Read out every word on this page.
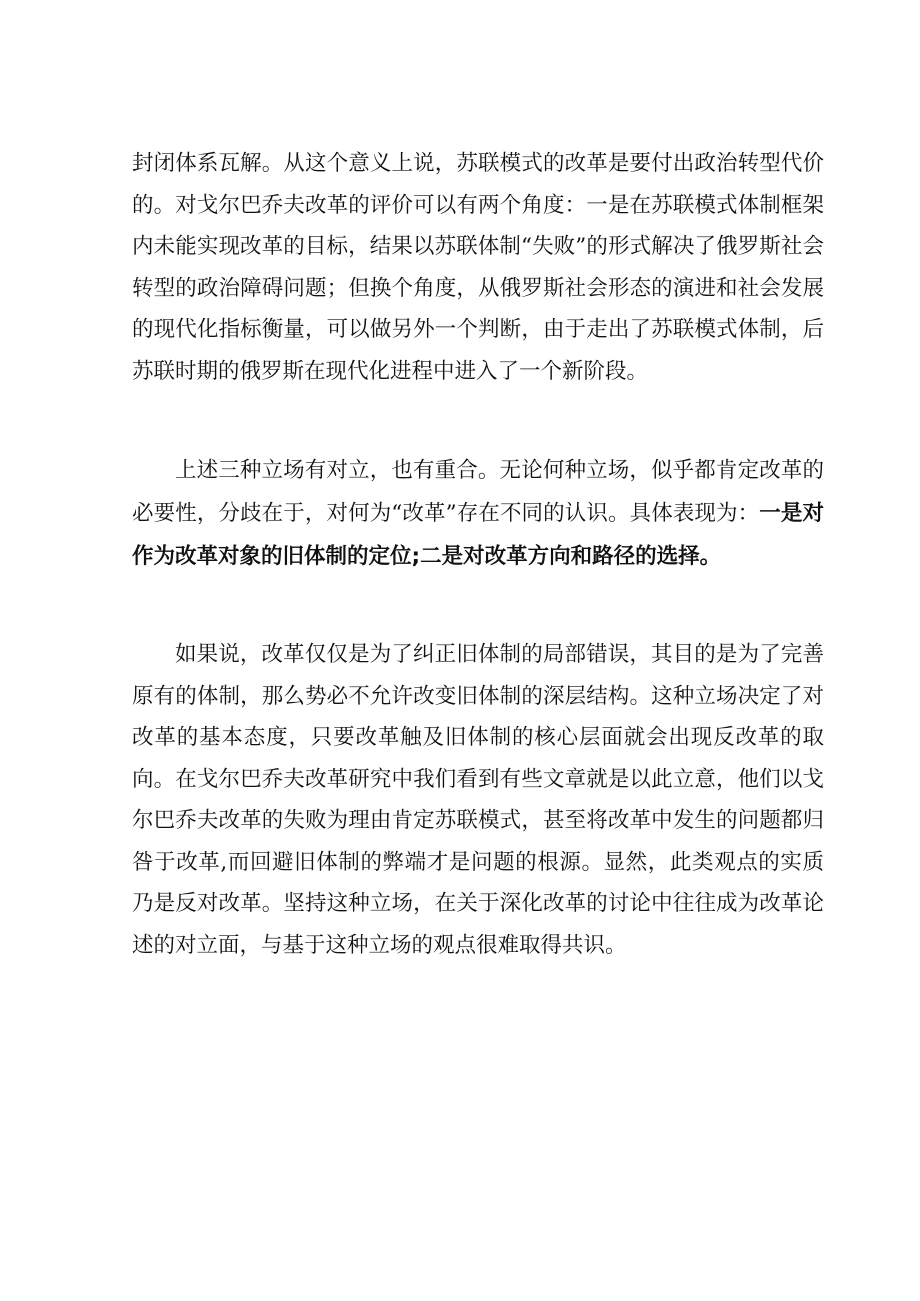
封闭体系瓦解。从这个意义上说，苏联模式的改革是要付出政治转型代价的。对戈尔巴乔夫改革的评价可以有两个角度：一是在苏联模式体制框架内未能实现改革的目标，结果以苏联体制“失败”的形式解决了俄罗斯社会转型的政治障碍问题；但换个角度，从俄罗斯社会形态的演进和社会发展的现代化指标衡量，可以做另外一个判断，由于走出了苏联模式体制，后苏联时期的俄罗斯在现代化进程中进入了一个新阶段。

上述三种立场有对立，也有重合。无论何种立场，似乎都肯定改革的必要性，分歧在于，对何为“改革”存在不同的认识。具体表现为：一是对作为改革对象的旧体制的定位;二是对改革方向和路径的选择。

如果说，改革仅仅是为了纠正旧体制的局部错误，其目的是为了完善原有的体制，那么势必不允许改变旧体制的深层结构。这种立场决定了对改革的基本态度，只要改革触及旧体制的核心层面就会出现反改革的取向。在戈尔巴乔夫改革研究中我们看到有些文章就是以此立意，他们以戈尔巴乔夫改革的失败为理由肯定苏联模式，甚至将改革中发生的问题都归咎于改革,而回避旧体制的弊端才是问题的根源。显然，此类观点的实质乃是反对改革。坚持这种立场，在关于深化改革的讨论中往往成为改革论述的对立面，与基于这种立场的观点很难取得共识。
